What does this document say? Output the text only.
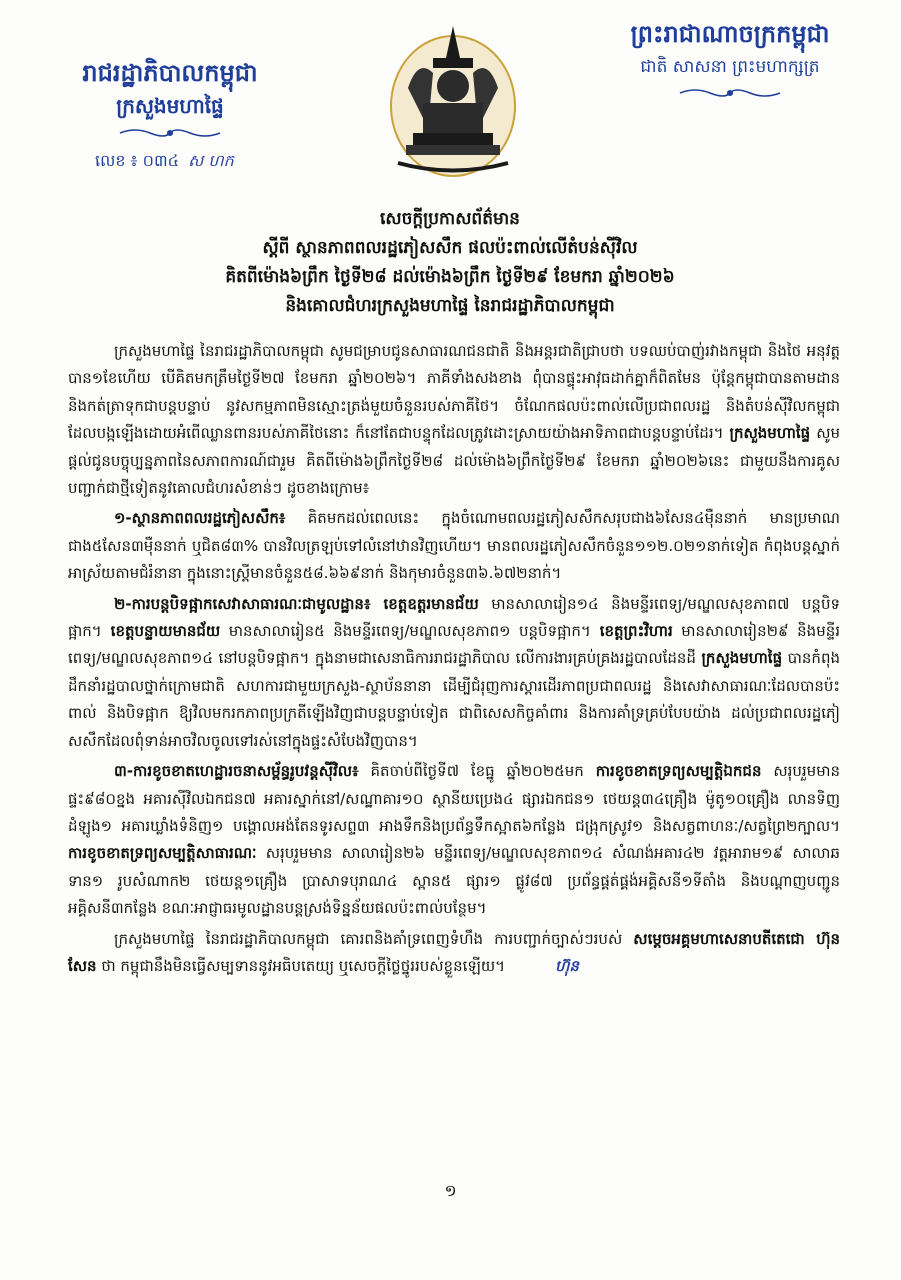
រាជរដ្ឋាភិបាលកម្ពុជា
ក្រសួងមហាផ្ទៃ
លេខ ៖ ០៣៤ ស ហក
ព្រះរាជាណាចក្រកម្ពុជា
ជាតិ សាសនា ព្រះមហាក្សត្រ
សេចក្តីប្រកាសព័ត៌មាន
ស្តីពី ស្ថានភាពពលរដ្ឋភៀសសឹក ផលប៉ះពាល់លើតំបន់ស៊ីវិល
គិតពីម៉ោង៦ព្រឹក ថ្ងៃទី២៨ ដល់ម៉ោង៦ព្រឹក ថ្ងៃទី២៩ ខែមករា ឆ្នាំ២០២៦
និងគោលជំហរក្រសួងមហាផ្ទៃ នៃរាជរដ្ឋាភិបាលកម្ពុជា

ក្រសួងមហាផ្ទៃ នៃរាជរដ្ឋាភិបាលកម្ពុជា សូមជម្រាបជូនសាធារណជនជាតិ និងអន្តរជាតិជ្រាបថា បទឈប់បាញ់រវាងកម្ពុជា និងថៃ អនុវត្តបាន១ខែហើយ បើគិតមកត្រឹមថ្ងៃទី២៧ ខែមករា ឆ្នាំ២០២៦។ ភាគីទាំងសងខាង ពុំបានផ្ទុះអាវុធដាក់គ្នាក៏ពិតមែន ប៉ុន្តែកម្ពុជាបានតាមដាន និងកត់ត្រាទុកជាបន្តបន្ទាប់ នូវសកម្មភាពមិនស្មោះត្រង់មួយចំនួនរបស់ភាគីថៃ។ ចំណែកផលប៉ះពាល់លើប្រជាពលរដ្ឋ និងតំបន់ស៊ីវិលកម្ពុជា ដែលបង្កឡើងដោយអំពើឈ្លានពានរបស់ភាគីថៃនោះ ក៏នៅតែជាបន្ទុកដែលត្រូវដោះស្រាយយ៉ាងអាទិភាពជាបន្តបន្ទាប់ដែរ។ ក្រសួងមហាផ្ទៃ សូមផ្តល់ជូនបច្ចុប្បន្នភាពនៃសភាពការណ៍ជារួម គិតពីម៉ោង៦ព្រឹកថ្ងៃទី២៨ ដល់ម៉ោង៦ព្រឹកថ្ងៃទី២៩ ខែមករា ឆ្នាំ២០២៦នេះ ជាមួយនឹងការគូសបញ្ជាក់ជាថ្មីទៀតនូវគោលជំហរសំខាន់ៗ ដូចខាងក្រោម៖

១-ស្ថានភាពពលរដ្ឋភៀសសឹក៖ គិតមកដល់ពេលនេះ ក្នុងចំណោមពលរដ្ឋភៀសសឹកសរុបជាង៦សែន៤ម៉ឺននាក់ មានប្រមាណជាង៥សែន៣ម៉ឺននាក់ ឬជិត៨៣% បានវិលត្រឡប់ទៅលំនៅឋានវិញហើយ។ មានពលរដ្ឋភៀសសឹកចំនួន១១២.០២១នាក់ទៀត កំពុងបន្តស្នាក់អាស្រ័យតាមជំរំនានា ក្នុងនោះស្ត្រីមានចំនួន៥៨.៦៦៩នាក់ និងកុមារចំនួន៣៦.៦៧២នាក់។

២-ការបន្តបិទផ្អាកសេវាសាធារណៈជាមូលដ្ឋាន៖ ខេត្តឧត្តរមានជ័យ មានសាលារៀន១៤ និងមន្ទីរពេទ្យ/មណ្ឌលសុខភាព៧ បន្តបិទផ្អាក។ ខេត្តបន្ទាយមានជ័យ មានសាលារៀន៥ និងមន្ទីរពេទ្យ/មណ្ឌលសុខភាព១ បន្តបិទផ្អាក។ ខេត្តព្រះវិហារ មានសាលារៀន២៩ និងមន្ទីរពេទ្យ/មណ្ឌលសុខភាព១៤ នៅបន្តបិទផ្អាក។ ក្នុងនាមជាសេនាធិការរាជរដ្ឋាភិបាល លើការងារគ្រប់គ្រងរដ្ឋបាលដែនដី ក្រសួងមហាផ្ទៃ បានកំពុងដឹកនាំរដ្ឋបាលថ្នាក់ក្រោមជាតិ សហការជាមួយក្រសួង-ស្ថាប័ននានា ដើម្បីជំរុញការស្តារដើរភាពប្រជាពលរដ្ឋ និងសេវាសាធារណៈដែលបានប៉ះពាល់ និងបិទផ្អាក ឱ្យវិលមករកភាពប្រក្រតីឡើងវិញជាបន្តបន្ទាប់ទៀត ជាពិសេសកិច្ចគាំពារ និងការគាំទ្រគ្រប់បែបយ៉ាង ដល់ប្រជាពលរដ្ឋភៀសសឹកដែលពុំទាន់អាចវិលចូលទៅរស់នៅក្នុងផ្ទះសំបែងវិញបាន។

៣-ការខូចខាតហេដ្ឋារចនាសម្ព័ន្ធរូបវន្តស៊ីវិល៖ គិតចាប់ពីថ្ងៃទី៧ ខែធ្នូ ឆ្នាំ២០២៥មក ការខូចខាតទ្រព្យសម្បត្តិឯកជន សរុបរួមមាន ផ្ទះ៩៨០ខ្នង អគារស៊ីវិលឯកជន៧ អគារស្នាក់នៅ/សណ្ឋាគារ១០ ស្ថានីយប្រេង៤ ផ្សារឯកជន១ ថេយន្ត៣៤គ្រឿង ម៉ូតូ១០គ្រឿង លានទិញដំឡូង១ អគារឃ្លាំងទំនិញ១ បង្គោលអង់តែនទូរសព្ទ៣ អាងទឹកនិងប្រព័ន្ធទឹកស្អាត៦កន្លែង ជង្រុកស្រូវ១ និងសត្វពាហនៈ/សត្វព្រៃ២ក្បាល។ ការខូចខាតទ្រព្យសម្បត្តិសាធារណៈ សរុបរួមមាន សាលារៀន២៦ មន្ទីរពេទ្យ/មណ្ឌលសុខភាព១៤ សំណង់អគារ៤២ វត្តអារាម១៩ សាលាឆទាន១ រូបសំណាក២ ថេយន្ត១គ្រឿង ប្រាសាទបុរាណ៤ ស្ពាន៥ ផ្សារ១ ផ្លូវ៨៧ ប្រព័ន្ធផ្គត់ផ្គង់អគ្គិសនី១ទីតាំង និងបណ្តាញបញ្ជូនអគ្គិសនី៣កន្លែង ខណៈអាជ្ញាធរមូលដ្ឋានបន្តស្រង់ទិន្នន័យផលប៉ះពាល់បន្ថែម។

ក្រសួងមហាផ្ទៃ នៃរាជរដ្ឋាភិបាលកម្ពុជា គោរពនិងគាំទ្រពេញទំហឹង ការបញ្ជាក់ច្បាស់ៗរបស់ សម្តេចអគ្គមហាសេនាបតីតេជោ ហ៊ុន សែន ថា កម្ពុជានឹងមិនធ្វើសម្បទាននូវអធិបតេយ្យ ឬសេចក្តីថ្លៃថ្នូររបស់ខ្លួនឡើយ។	ហ៊ុន

១
